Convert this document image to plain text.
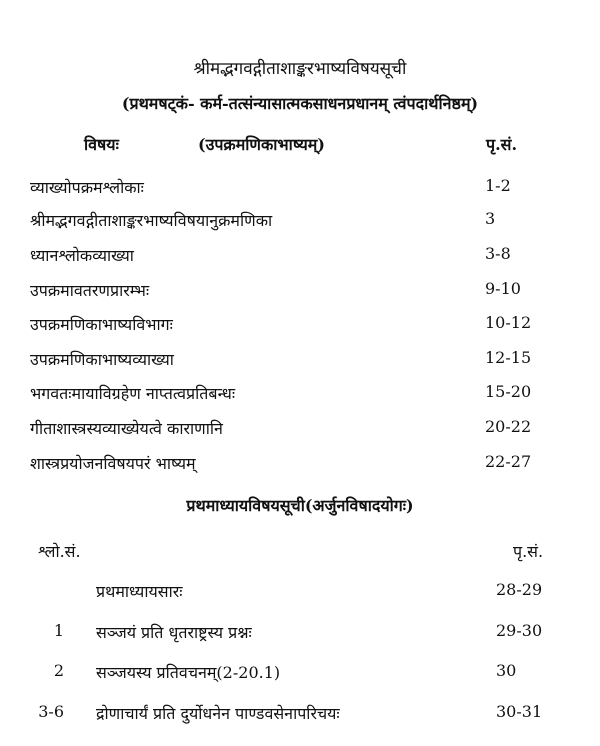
श्रीमद्भगवद्गीताशाङ्करभाष्यविषयसूची
(प्रथमषट्कं- कर्म-तत्संन्यासात्मकसाधनप्रधानम् त्वंपदार्थनिष्ठम्)
विषयः	(उपक्रमणिकाभाष्यम्)	पृ.सं.
व्याख्योपक्रमश्लोकाः	1-2
श्रीमद्भगवद्गीताशाङ्करभाष्यविषयानुक्रमणिका	3
ध्यानश्लोकव्याख्या	3-8
उपक्रमावतरणप्रारम्भः	9-10
उपक्रमणिकाभाष्यविभागः	10-12
उपक्रमणिकाभाष्यव्याख्या	12-15
भगवतःमायाविग्रहेण नाप्तत्वप्रतिबन्धः	15-20
गीताशास्त्रस्यव्याख्येयत्वे काराणानि	20-22
शास्त्रप्रयोजनविषयपरं भाष्यम्	22-27
प्रथमाध्यायविषयसूची(अर्जुनविषादयोगः)
श्लो.सं.	पृ.सं.
प्रथमाध्यायसारः	28-29
1 सञ्जयं प्रति धृतराष्ट्रस्य प्रश्नः	29-30
2 सञ्जयस्य प्रतिवचनम्(2-20.1)	30
3-6 द्रोणाचार्यं प्रति दुर्योधनेन पाण्डवसेनापरिचयः	30-31
